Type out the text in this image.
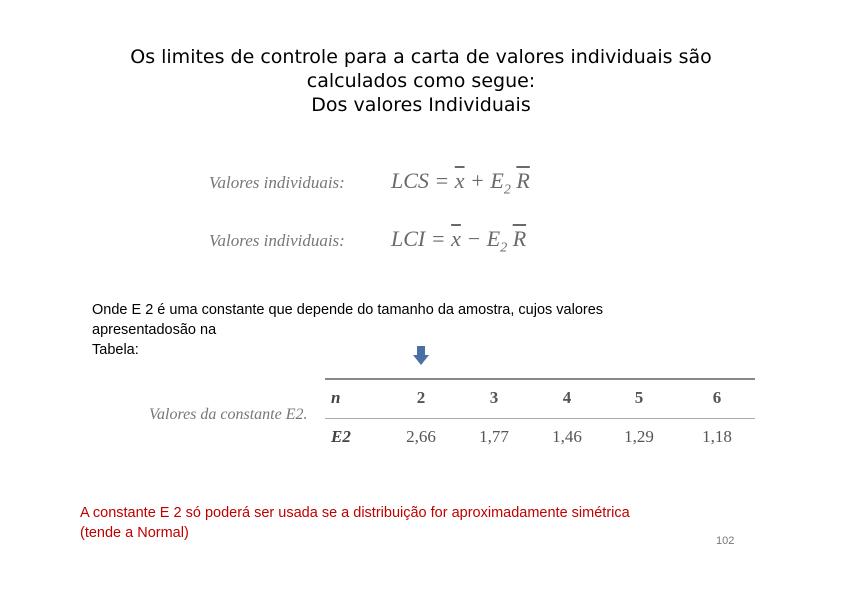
Os limites de controle para a carta de valores individuais são
calculados como segue:
Dos valores Individuais
Valores individuais: LCS = $\overline{x} + E_2$ $\overline{R}$
Valores individuais: LCI = $\overline{x} - E_2$ $\overline{R}$
Onde E 2 é uma constante que depende do tamanho da amostra, cujos valores
apresentadosão na
Tabela:
Valores da constante E2.
n	2	3	4	5	6
E2	2,66	1,77	1,46	1,29	1,18
A constante E 2 só poderá ser usada se a distribuição for aproximadamente simétrica
(tende a Normal)	102
